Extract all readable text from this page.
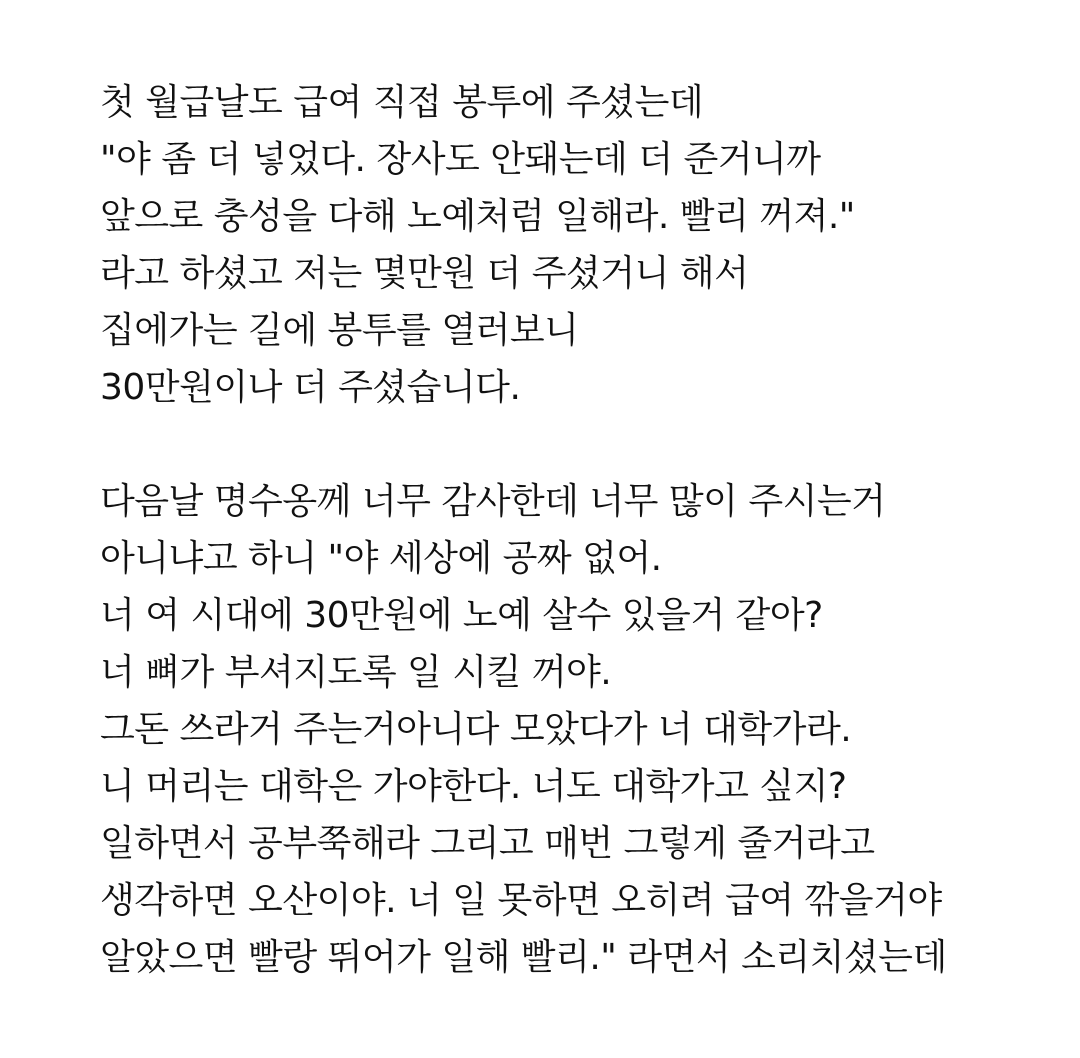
첫 월급날도 급여 직접 봉투에 주셨는데
"야 좀 더 넣었다. 장사도 안돼는데 더 준거니까
앞으로 충성을 다해 노예처럼 일해라. 빨리 꺼져."
라고 하셨고 저는 몇만원 더 주셨거니 해서
집에가는 길에 봉투를 열러보니
30만원이나 더 주셨습니다.

다음날 명수옹께 너무 감사한데 너무 많이 주시는거
아니냐고 하니 "야 세상에 공짜 없어.
너 여 시대에 30만원에 노예 살수 있을거 같아?
너 뼈가 부셔지도록 일 시킬 꺼야.
그돈 쓰라거 주는거아니다 모았다가 너 대학가라.
니 머리는 대학은 가야한다. 너도 대학가고 싶지?
일하면서 공부쭉해라 그리고 매번 그렇게 줄거라고
생각하면 오산이야. 너 일 못하면 오히려 급여 깎을거야
알았으면 빨랑 뛰어가 일해 빨리." 라면서 소리치셨는데
